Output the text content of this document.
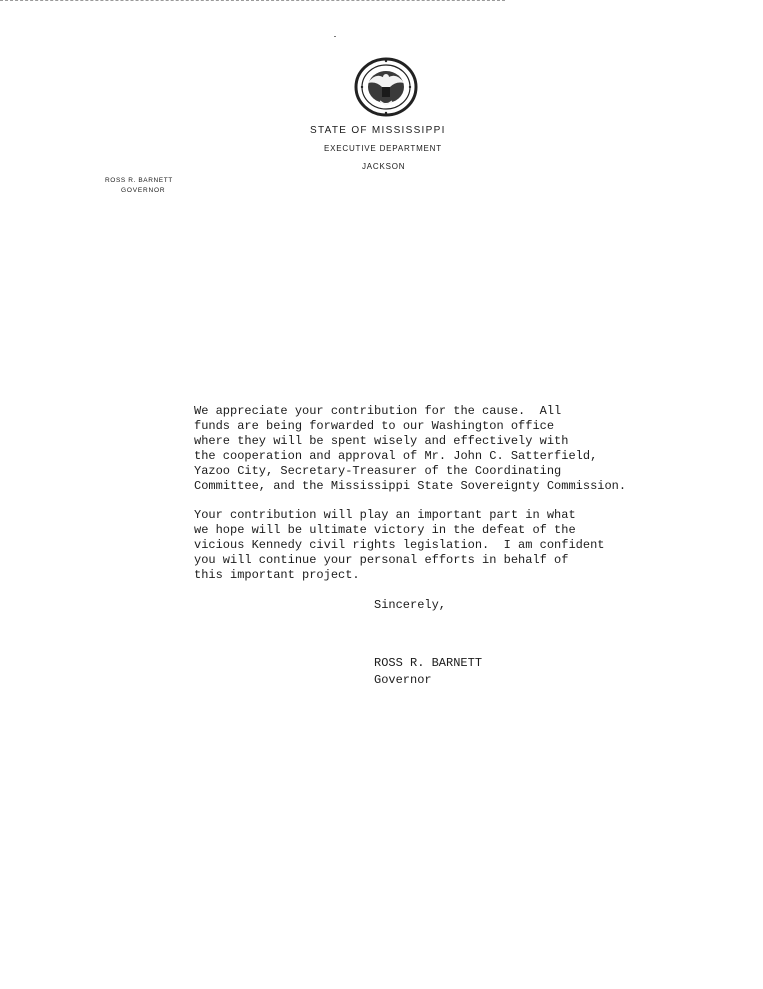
STATE OF MISSISSIPPI
EXECUTIVE DEPARTMENT
JACKSON
ROSS R. BARNETT
GOVERNOR

We appreciate your contribution for the cause.  All
funds are being forwarded to our Washington office
where they will be spent wisely and effectively with
the cooperation and approval of Mr. John C. Satterfield,
Yazoo City, Secretary-Treasurer of the Coordinating
Committee, and the Mississippi State Sovereignty Commission.

Your contribution will play an important part in what
we hope will be ultimate victory in the defeat of the
vicious Kennedy civil rights legislation.  I am confident
you will continue your personal efforts in behalf of
this important project.

Sincerely,
ROSS R. BARNETT
Governor
